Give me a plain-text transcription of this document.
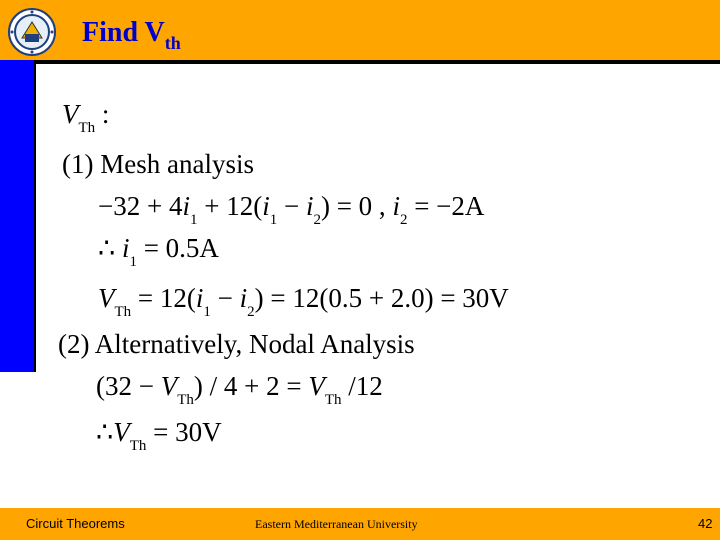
Find $V_{th}$
$V_{Th}$ :
(1) Mesh analysis
$-32 + 4i_1 + 12(i_1 - i_2) = 0$ , $i_2 = -2A$
∴ $i_1 = 0.5A$
$V_{Th} = 12(i_1 - i_2) = 12(0.5 + 2.0) = 30V$
(2) Alternatively, Nodal Analysis
$(32 - V_{Th}) / 4 + 2 = V_{Th}$ /12
$\therefore V_{Th} = 30V$
Circuit Theorems	Eastern Mediterranean University	42
